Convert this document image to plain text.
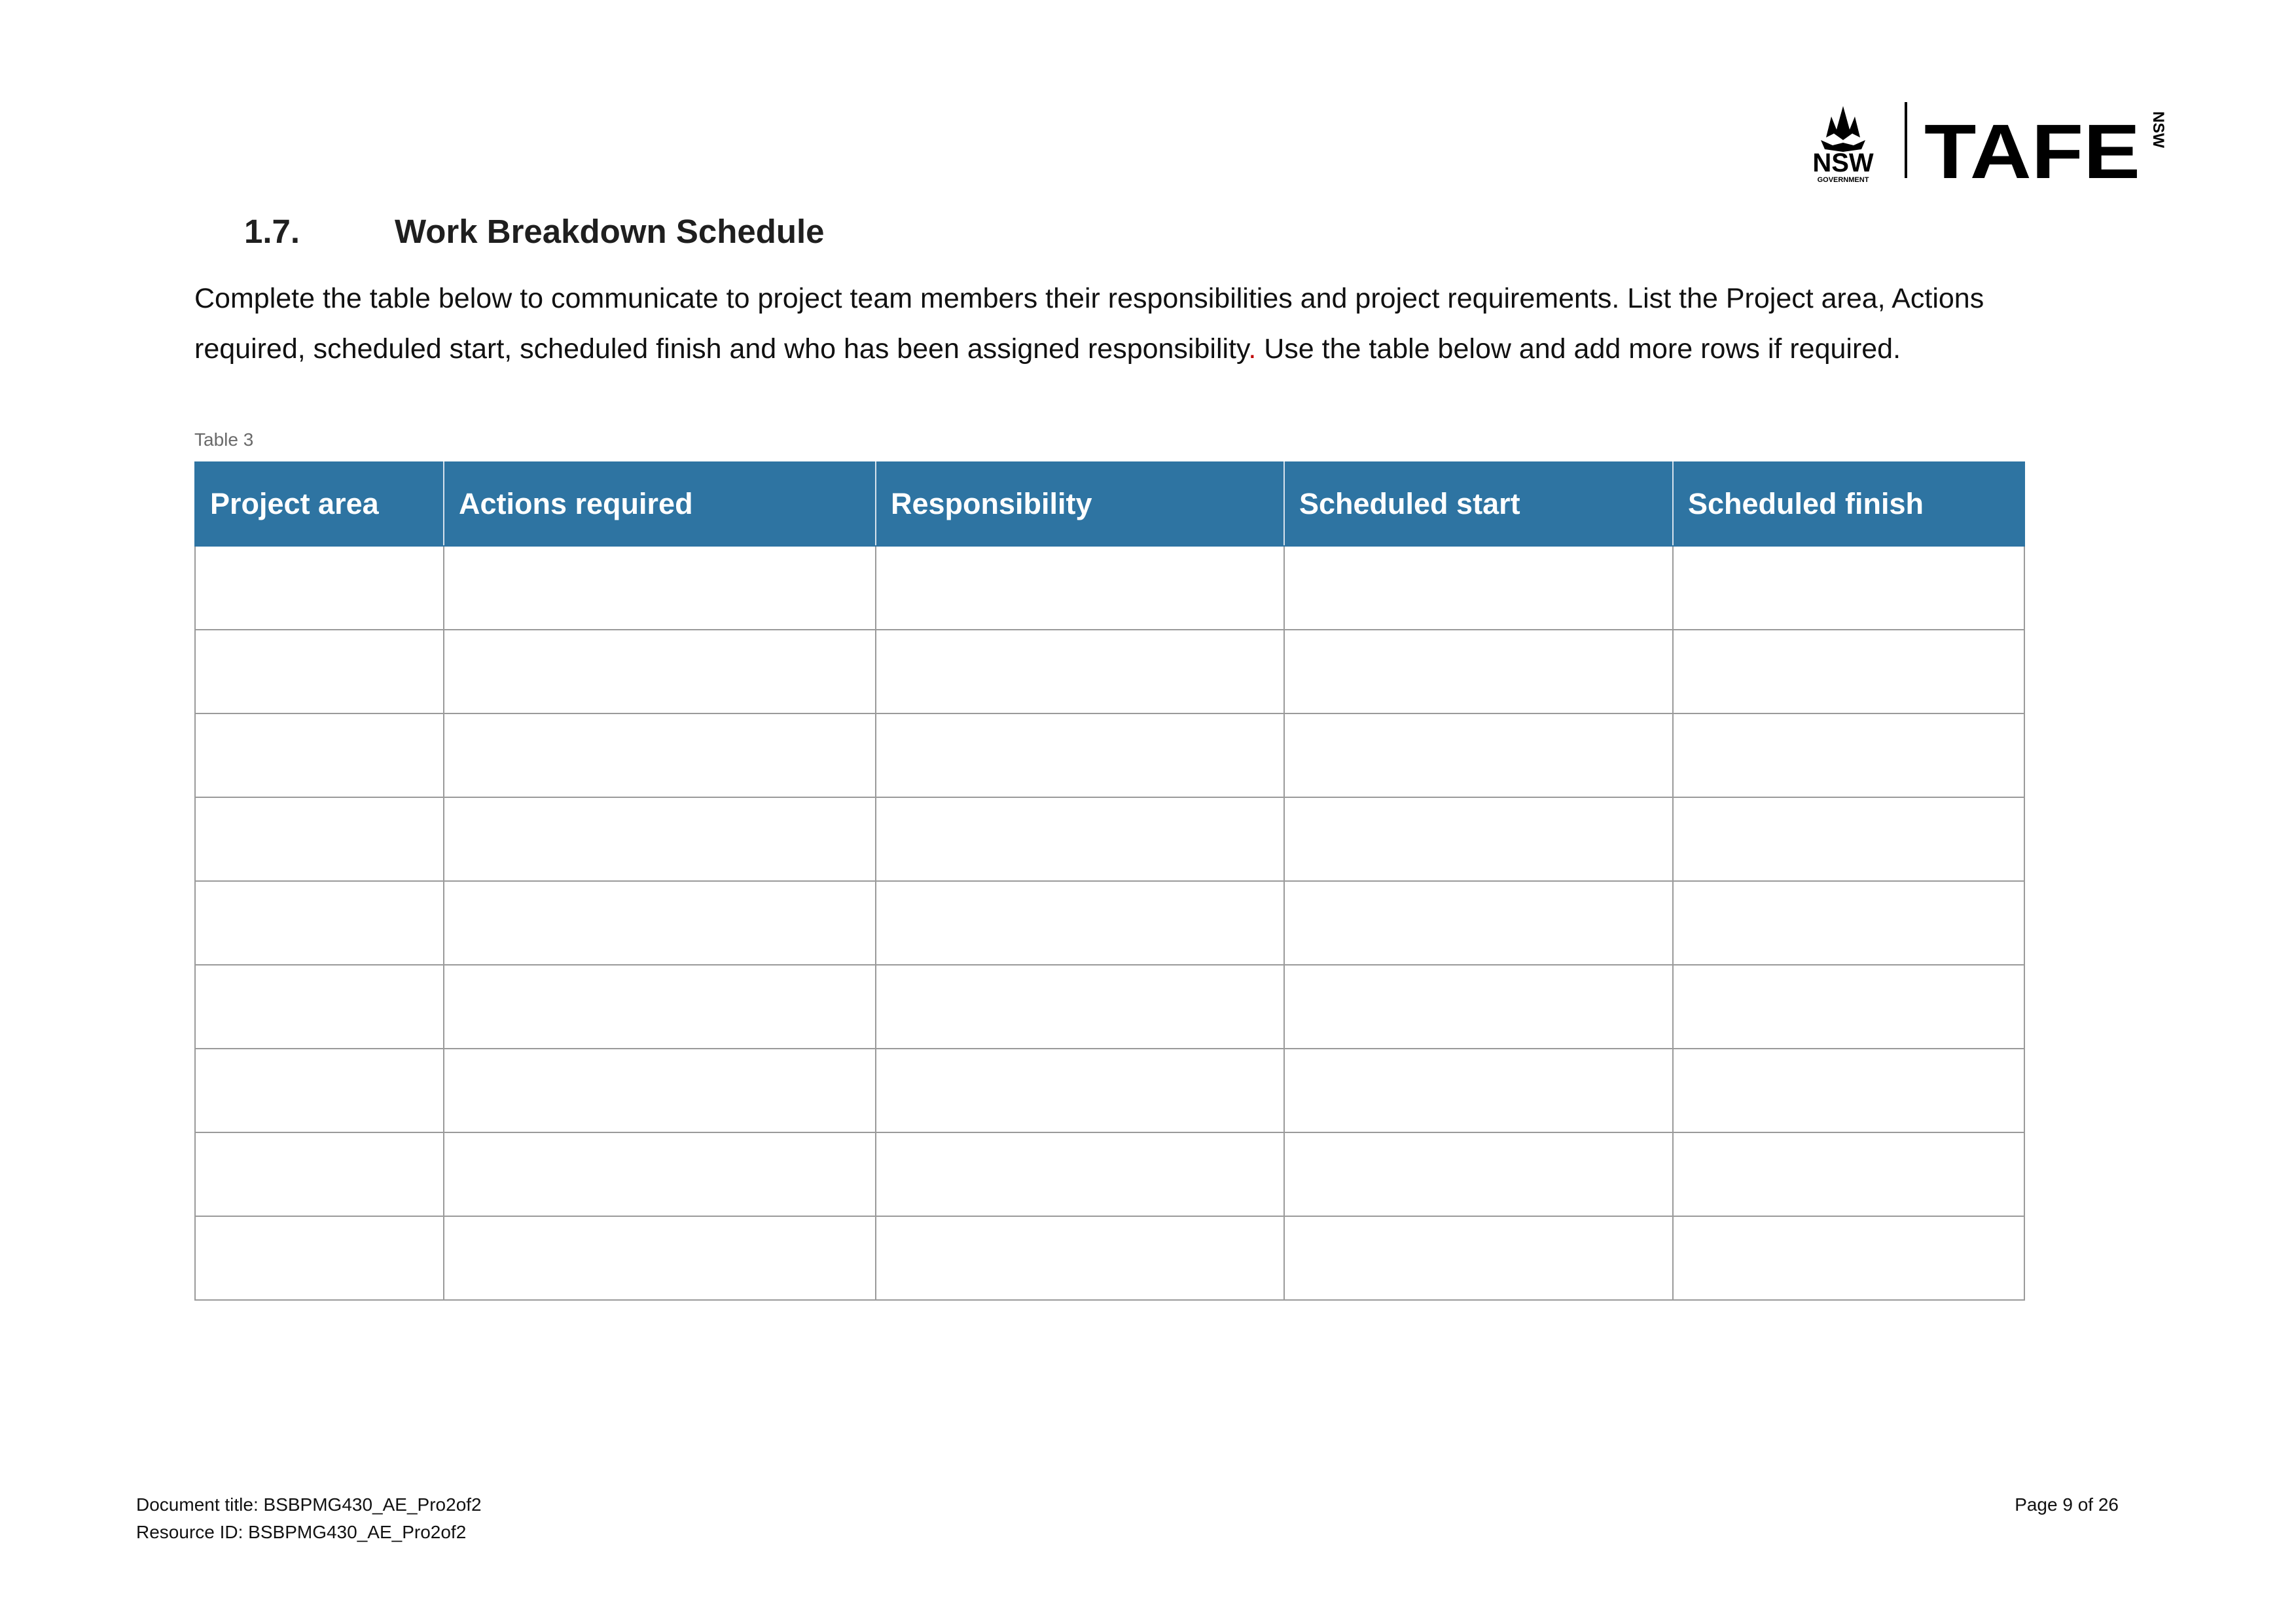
NSW
GOVERNMENT TAFE NSW
1.7.	Work Breakdown Schedule
Complete the table below to communicate to project team members their responsibilities and project requirements. List the Project area, Actions required, scheduled start, scheduled finish and who has been assigned responsibility. Use the table below and add more rows if required.
Table 3
Project area	Actions required	Responsibility	Scheduled start	Scheduled finish

Document title: BSBPMG430_AE_Pro2of2
Resource ID: BSBPMG430_AE_Pro2of2
Page 9 of 26
